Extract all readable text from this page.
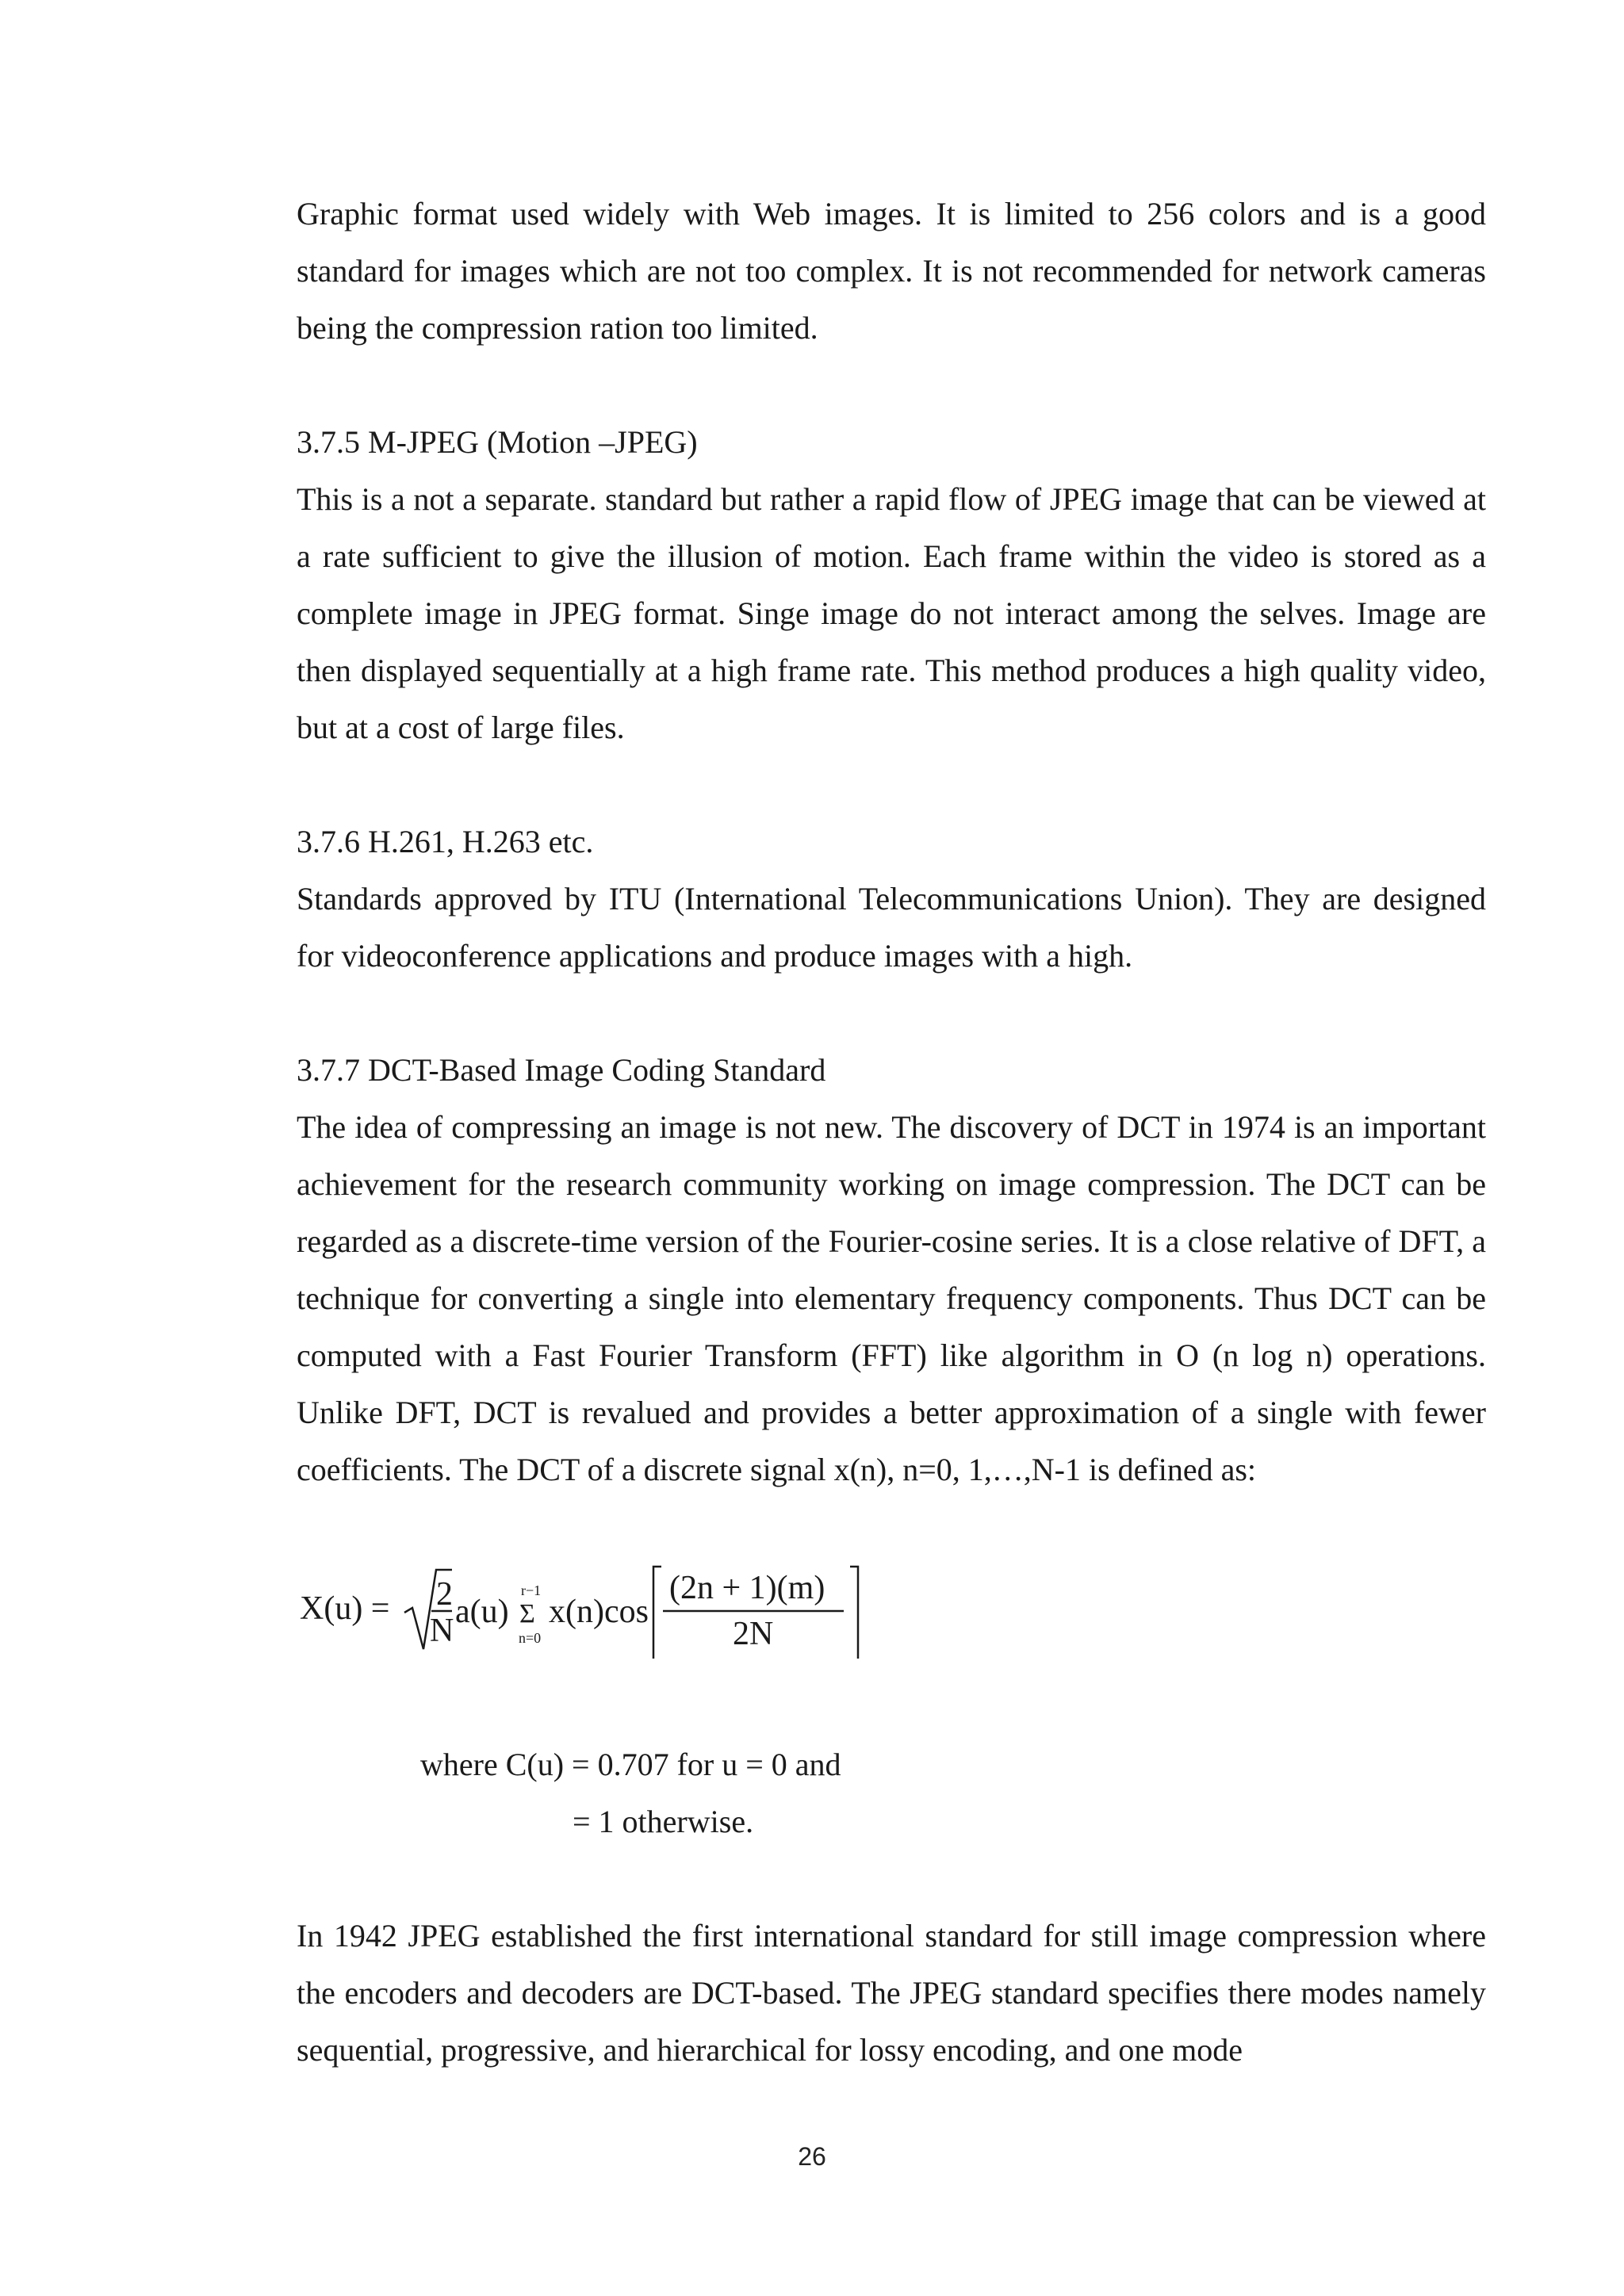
Graphic format used widely with Web images. It is limited to 256 colors and is a good standard for images which are not too complex. It is not recommended for network cameras being the compression ration too limited.

3.7.5 M-JPEG (Motion –JPEG)

This is a not a separate. standard but rather a rapid flow of JPEG image that can be viewed at a rate sufficient to give the illusion of motion. Each frame within the video is stored as a complete image in JPEG format. Singe image do not interact among the selves. Image are then displayed sequentially at a high frame rate. This method produces a high quality video, but at a cost of large files.

3.7.6 H.261, H.263 etc.

Standards approved by ITU (International Telecommunications Union). They are designed for videoconference applications and produce images with a high.

3.7.7 DCT-Based Image Coding Standard

The idea of compressing an image is not new. The discovery of DCT in 1974 is an important achievement for the research community working on image compression. The DCT can be regarded as a discrete-time version of the Fourier-cosine series. It is a close relative of DFT, a technique for converting a single into elementary frequency components. Thus DCT can be computed with a Fast Fourier Transform (FFT) like algorithm in O (n log n) operations. Unlike DFT, DCT is revalued and provides a better approximation of a single with fewer coefficients. The DCT of a discrete signal x(n), n=0, 1,…,N-1 is defined as:

X(u) = 2
N
a(u)
r−1
Σ
n=0
x(n)cos
(2n + 1)(m)
2N

where C(u) = 0.707 for u = 0 and

= 1 otherwise.

In 1942 JPEG established the first international standard for still image compression where the encoders and decoders are DCT-based. The JPEG standard specifies there modes namely sequential, progressive, and hierarchical for lossy encoding, and one mode

26
